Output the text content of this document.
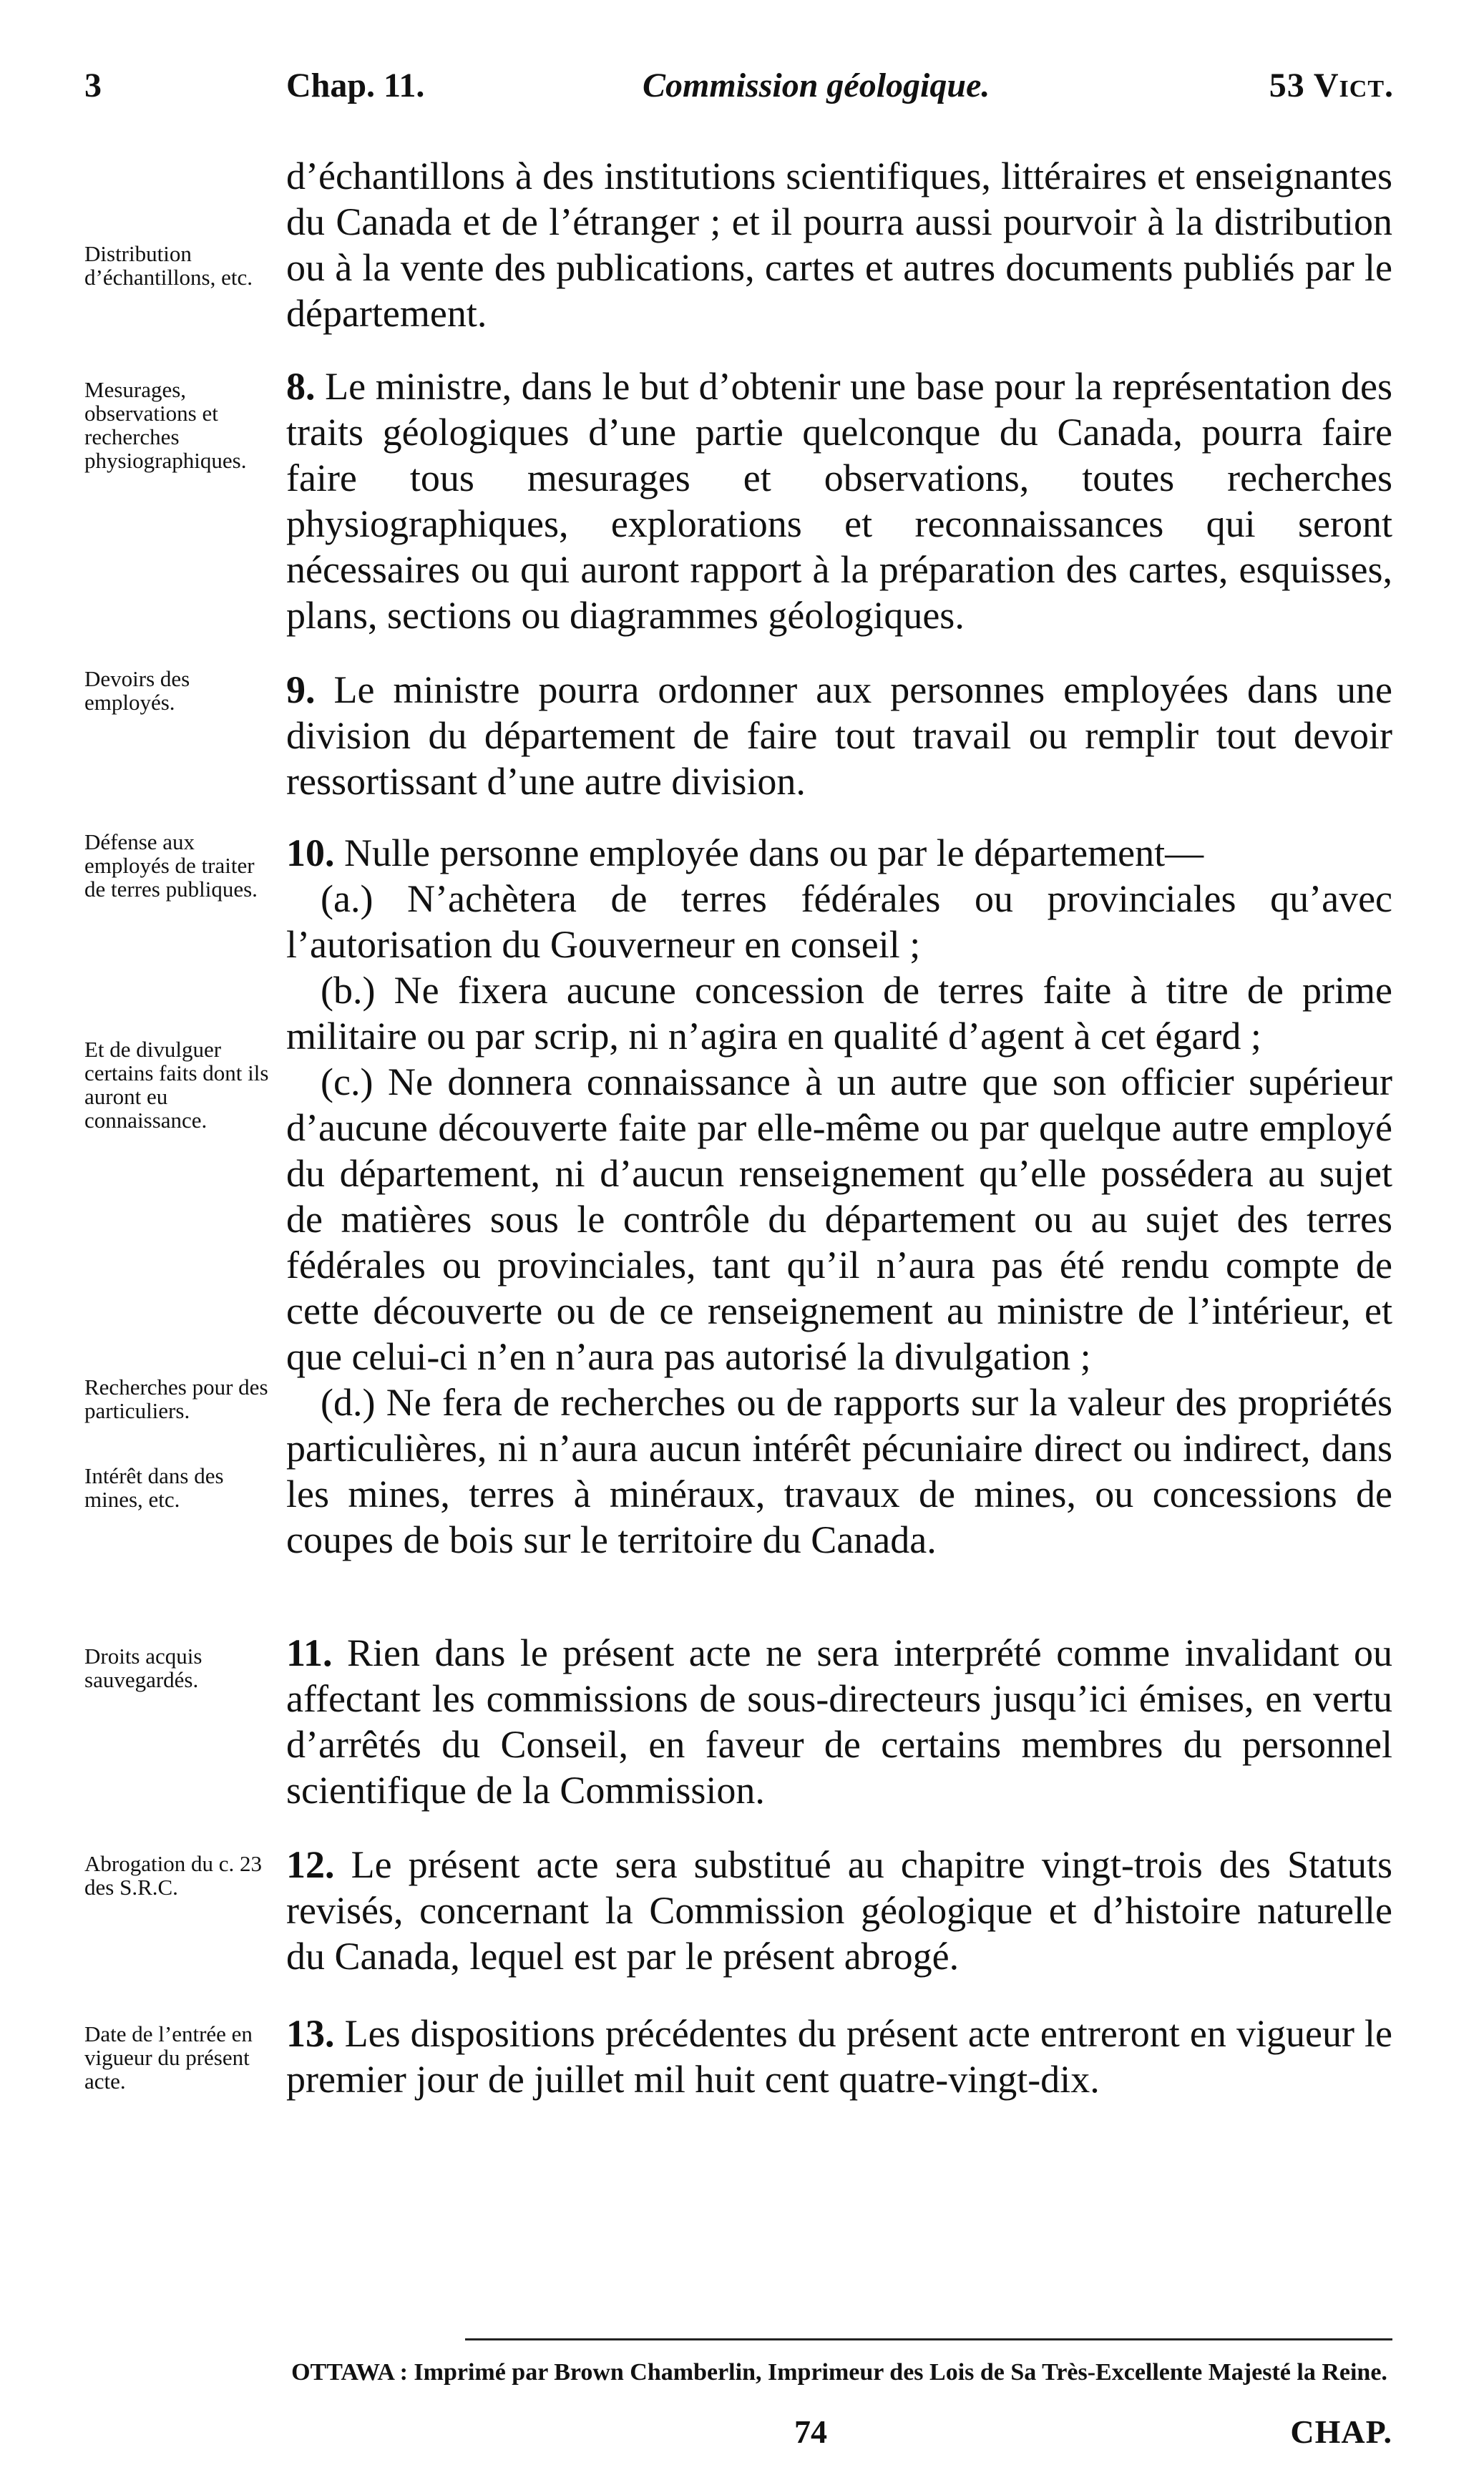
3	Chap. 11.	Commission géologique.	53 Vict.

Distribution d’échantillons, etc.

d’échantillons à des institutions scientifiques, littéraires et enseignantes du Canada et de l’étranger ; et il pourra aussi pourvoir à la distribution ou à la vente des publications, cartes et autres documents publiés par le département.

Mesurages, observations et recherches physiographiques.

8. Le ministre, dans le but d’obtenir une base pour la représentation des traits géologiques d’une partie quelconque du Canada, pourra faire faire tous mesurages et observations, toutes recherches physiographiques, explorations et reconnaissances qui seront nécessaires ou qui auront rapport à la préparation des cartes, esquisses, plans, sections ou diagrammes géologiques.

Devoirs des employés.	9. Le ministre pourra ordonner aux personnes employées dans une division du département de faire tout travail ou remplir tout devoir ressortissant d’une autre division.

Défense aux employés de traiter de terres publiques.

Et de divulguer certains faits dont ils auront eu connaissance.

Recherches pour des particuliers.

Intérêt dans des mines, etc.

10. Nulle personne employée dans ou par le département—

(a.) N’achètera de terres fédérales ou provinciales qu’avec l’autorisation du Gouverneur en conseil ;

(b.) Ne fixera aucune concession de terres faite à titre de prime militaire ou par scrip, ni n’agira en qualité d’agent à cet égard ;

(c.) Ne donnera connaissance à un autre que son officier supérieur d’aucune découverte faite par elle-même ou par quelque autre employé du département, ni d’aucun renseignement qu’elle possédera au sujet de matières sous le contrôle du département ou au sujet des terres fédérales ou provinciales, tant qu’il n’aura pas été rendu compte de cette découverte ou de ce renseignement au ministre de l’intérieur, et que celui-ci n’en n’aura pas autorisé la divulgation ;

(d.) Ne fera de recherches ou de rapports sur la valeur des propriétés particulières, ni n’aura aucun intérêt pécuniaire direct ou indirect, dans les mines, terres à minéraux, travaux de mines, ou concessions de coupes de bois sur le territoire du Canada.

Droits acquis sauvegardés.

11. Rien dans le présent acte ne sera interprété comme invalidant ou affectant les commissions de sous-directeurs jusqu’ici émises, en vertu d’arrêtés du Conseil, en faveur de certains membres du personnel scientifique de la Commission.

Abrogation du c. 23 des S.R.C.

12. Le présent acte sera substitué au chapitre vingt-trois des Statuts revisés, concernant la Commission géologique et d’histoire naturelle du Canada, lequel est par le présent abrogé.

Date de l’entrée en vigueur du présent acte.

13. Les dispositions précédentes du présent acte entreront en vigueur le premier jour de juillet mil huit cent quatre-vingt-dix.

OTTAWA : Imprimé par Brown Chamberlin, Imprimeur des Lois de Sa Très-Excellente Majesté la Reine.
74	CHAP.
